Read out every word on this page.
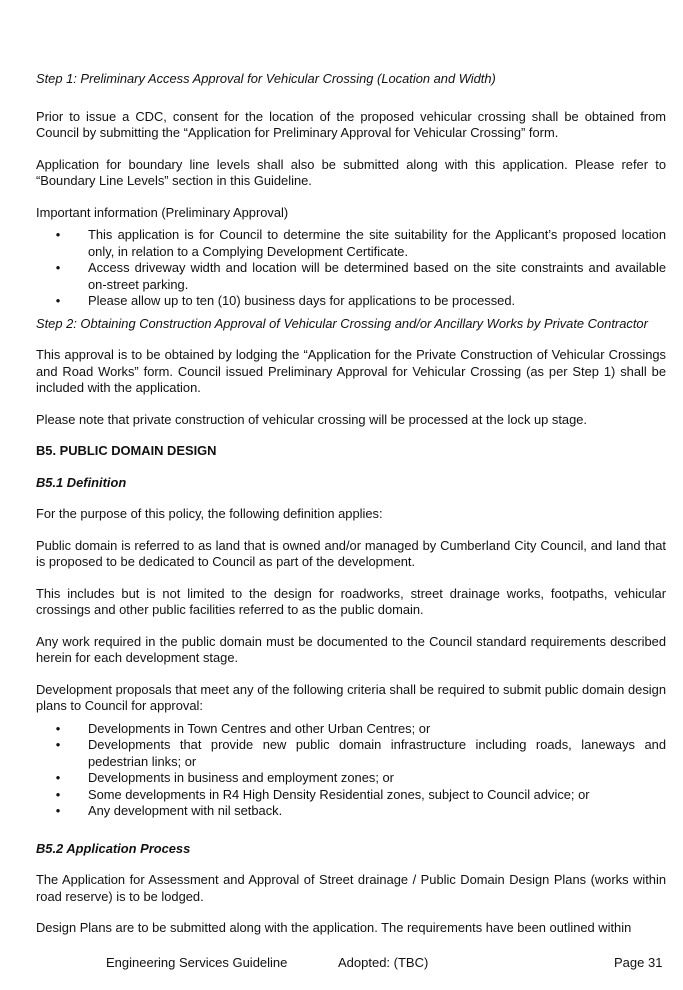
Step 1: Preliminary Access Approval for Vehicular Crossing (Location and Width)

Prior to issue a CDC, consent for the location of the proposed vehicular crossing shall be obtained from Council by submitting the “Application for Preliminary Approval for Vehicular Crossing” form.

Application for boundary line levels shall also be submitted along with this application. Please refer to “Boundary Line Levels” section in this Guideline.

Important information (Preliminary Approval)

• This application is for Council to determine the site suitability for the Applicant’s proposed location only, in relation to a Complying Development Certificate.
• Access driveway width and location will be determined based on the site constraints and available on-street parking.
• Please allow up to ten (10) business days for applications to be processed.

Step 2: Obtaining Construction Approval of Vehicular Crossing and/or Ancillary Works by Private Contractor

This approval is to be obtained by lodging the “Application for the Private Construction of Vehicular Crossings and Road Works” form. Council issued Preliminary Approval for Vehicular Crossing (as per Step 1) shall be included with the application.

Please note that private construction of vehicular crossing will be processed at the lock up stage.

B5. PUBLIC DOMAIN DESIGN

B5.1 Definition

For the purpose of this policy, the following definition applies:

Public domain is referred to as land that is owned and/or managed by Cumberland City Council, and land that is proposed to be dedicated to Council as part of the development.

This includes but is not limited to the design for roadworks, street drainage works, footpaths, vehicular crossings and other public facilities referred to as the public domain.

Any work required in the public domain must be documented to the Council standard requirements described herein for each development stage.

Development proposals that meet any of the following criteria shall be required to submit public domain design plans to Council for approval:

• Developments in Town Centres and other Urban Centres; or
• Developments that provide new public domain infrastructure including roads, laneways and pedestrian links; or
• Developments in business and employment zones; or
• Some developments in R4 High Density Residential zones, subject to Council advice; or
• Any development with nil setback.

B5.2 Application Process

The Application for Assessment and Approval of Street drainage / Public Domain Design Plans (works within road reserve) is to be lodged.

Design Plans are to be submitted along with the application. The requirements have been outlined within

Engineering Services Guideline	Adopted: (TBC)	Page 31
